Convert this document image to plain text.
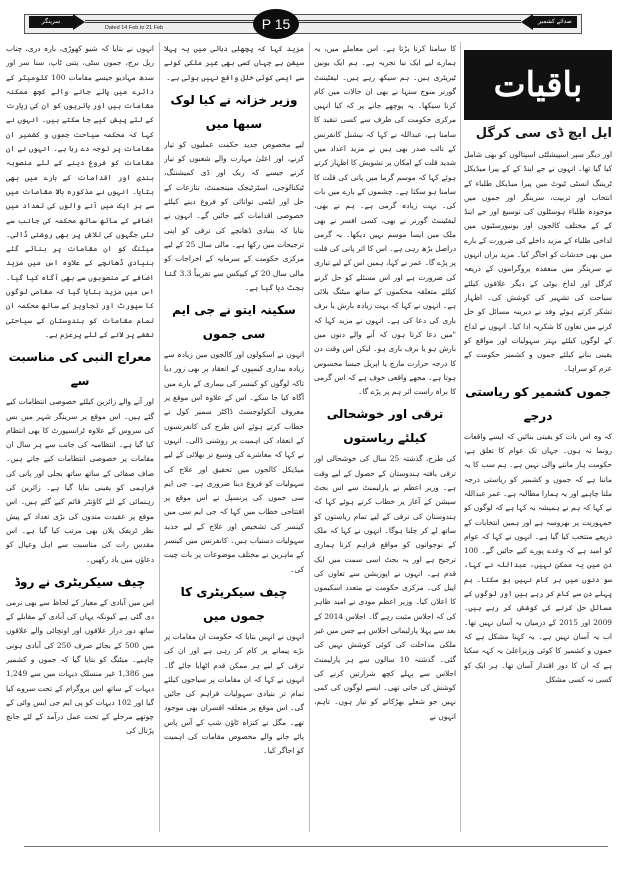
سرینگر	صدائے کشمیر
Dated 14 Feb to 21 Feb	P 15
باقیات
ایل ایچ ڈی سی کرگل

اور دیگر سپر اسپیشلٹی اسپتالوں کو بھی شامل کیا گیا تھا۔ انہوں نے جے اینڈ کے کے پیرا میڈیکل ٹریننگ انسٹی ٹیوٹ میں پیرا میڈیکل طلباء کے انتخاب اور تربیت، سرینگر اور جموں میں موجودہ طلباء ہوسٹلوں کی توسیع اور جے اینڈ کے کے مختلف کالجوں اور یونیورسٹیوں میں لداخی طلباء کے مزید داخلے کی ضرورت کے بارے میں بھی خدشات کو اجاگر کیا۔ مزید براں انہوں نے سرینگر میں منعقدہ پروگراموں کے ذریعہ کرگل اور لداخ یوٹی کے دیگر علاقوں کیلئے سیاحت کی تشہیر کی کوشش کی۔ اظہار تشکر کرتے ہوئے وفد نے دیرینہ مسائل کو حل کرنے میں تعاون کا شکریہ ادا کیا۔ انہوں نے لداخ کے لوگوں کیلئے بہتر سہولیات اور مواقع کو یقینی بنانے کیلئے جموں و کشمیر حکومت کے عزم کو سراہا۔

جموں کشمیر کو ریاستی درجے

کہ وہ اس بات کو یقینی بنائیں کہ ایسے واقعات رونما نہ ہوں۔ جہاں تک عوام کا تعلق ہے، حکومت ہار ماننے والی نہیں ہے۔ ہم سب کا یہ ماننا ہے کہ جموں و کشمیر کو ریاستی درجہ ملنا چاہیے اور یہ ہمارا مطالبہ ہے۔ عمر عبداللہ نے کہا کہ ہم نے ہمیشہ یہ کہا ہے کہ لوگوں کو جمہوریت پر بھروسہ ہے اور ہمیں انتخابات کے ذریعے منتخب کیا گیا ہے۔ انہوں نے کہا کہ عوام کو امید ہے کہ وعدے پورے کیے جائیں گے۔ 100 دن میں یہ ممکن نہیں، عبداللہ نے کہا، سو دنوں میں ہر کام نہیں ہو سکتا۔ ہم پہلے دن سے کام کر رہے ہیں اور لوگوں کے مسائل حل کرنے کی کوشش کر رہے ہیں۔ 2009 اور 2015 کے درمیان یہ آسان نہیں تھا۔ اب یہ آسان نہیں ہے۔ یہ کہنا مشکل ہے کہ جموں و کشمیر کا کوئی وزیراعلیٰ یہ کہہ سکتا ہے کہ ان کا دور اقتدار آسان تھا۔ ہر ایک کو کسی نہ کسی مشکل

کا سامنا کرنا پڑتا ہے۔ اس معاملے میں، یہ ہمارے لیے ایک نیا تجربہ ہے۔ ہم ایک یونین ٹیریٹری ہیں۔ ہم سیکھ رہے ہیں۔ لیفٹیننٹ گورنر منوج سنہا نے بھی ان حالات میں کام کرنا سیکھا۔ یہ پوچھے جانے پر کہ کیا انہیں مرکزی حکومت کی طرف سے کسی تنقید کا سامنا ہے، عبداللہ نے کہا کہ نیشنل کانفرنس کے نائب صدر بھی ہیں نے مزید اعداد میں شدید قلت کے امکان پر تشویش کا اظہار کرتے ہوئے کہا کہ موسم گرما میں پانی کی قلت کا سامنا ہو سکتا ہے۔ چشموں کے بارے میں بات کی۔ بہت زیادہ گرمی ہے۔ ہم نے بھی، لیفٹیننٹ گورنر نے بھی، کسی افسر نے بھی ملک میں ایسا موسم نہیں دیکھا۔ یہ گرمی دراصل بڑھ رہی ہے۔ اس کا اثر پانی کی قلت پر پڑے گا۔ عمر نے کہا، ہمیں اس کے لیے تیاری کی ضرورت ہے اور اس مسئلے کو حل کرنے کیلئے متعلقہ محکموں کے ساتھ میٹنگ بلائی ہے۔ انہوں نے کہا کہ بہت زیادہ بارش یا برف باری کی دعا کی ہے۔ انہوں نے مزید کہا کہ "میں دعا کرتا ہوں کہ آنے والے دنوں میں بارش ہو یا برف باری ہو۔ لیکن اس وقت دن کا درجہ حرارت مارچ یا اپریل جیسا محسوس ہوتا ہے۔ مجھے واقعی خوف ہے کہ اس گرمی کا براہ راست اثر ہم پر پڑے گا۔

ترقی اور خوشحالی کیلئے ریاستوں

کی طرح، گذشتہ 25 سال کی خوشحالی اور ترقی یافتہ ہندوستان کے حصول کے لیے وقت ہے۔ وزیر اعظم نے پارلیمنٹ سے اس بجٹ سیشن کے آغاز پر خطاب کرتے ہوئے کہا کہ ہندوستان کی ترقی کے لیے تمام ریاستوں کو ساتھ لے کر چلنا ہوگا۔ انہوں نے کہا کہ ملک کے نوجوانوں کو مواقع فراہم کرنا ہماری ترجیح ہے اور یہ بجٹ اسی سمت میں ایک قدم ہے۔ انہوں نے اپوزیشن سے تعاون کی اپیل کی۔ مرکزی حکومت نے متعدد اسکیموں کا اعلان کیا۔ وزیر اعظم مودی نے امید ظاہر کی کہ اجلاس مثبت رہے گا۔ اجلاس 2014 کے بعد سے پہلا پارلیمانی اجلاس ہے جس میں غیر ملکی مداخلت کی کوئی کوشش نہیں کی گئی۔ گذشتہ 10 سالوں سے ہر پارلیمنٹ اجلاس سے پہلے کچھ شرارتیں کرنے کی کوشش کی جاتی تھی۔ ایسے لوگوں کی کمی نہیں جو شعلے بھڑکانے کو تیار ہوں۔ تاہم، انہوں نے

مزید کہا کہ پچھلی دہائی میں یہ پہلا سیشن ہے جہاں کسی بھی غیر ملکی کونے سے ایسی کوئی خلل واقع نہیں ہوئی ہے۔

وزیر خزانہ نے کیا لوک سبھا میں

لیے مخصوص جدید حکمت عملیوں کو تیار کرنے، اور اعلیٰ مہارت والے شعبوں کو تیار کرنے جیسے کہ ربک اور ڈی کمیشننگ، ٹیکنالوجی، اسٹرٹیجک مینجمنٹ، تنازعات کے حل اور ایٹمی توانائی کو فروغ دینے کیلئے خصوصی اقدامات کیے جائیں گے۔ انہوں نے بتایا کہ بنیادی ڈھانچے کی ترقی کو اپنی ترجیحات میں رکھا ہے۔ مالی سال 25 کے لیے مرکزی حکومت کے سرمایہ کے اخراجات کو مالی سال 20 کے کیپکس سے تقریباً 3.3 گنا بجٹ دیا گیا ہے۔

سکینہ ایتو نے جی ایم سی جموں

انہوں نے اسکولوں اور کالجوں میں زیادہ سے زیادہ بیداری کیمپوں کے انعقاد پر بھی زور دیا تاکہ لوگوں کو کینسر کی بیماری کے بارے میں آگاہ کیا جا سکے۔ اس کے علاوہ اس موقع پر معروف آنکولوجسٹ ڈاکٹر سمیر کول نے خطاب کرتے ہوئے اس طرح کی کانفرنسوں کے انعقاد کی اہمیت پر روشنی ڈالی۔ انہوں نے کہا کہ معاشرے کی وسیع تر بھلائی کے لیے میڈیکل کالجوں میں تحقیق اور علاج کی سہولیات کو فروغ دینا ضروری ہے۔ جی ایم سی جموں کی پرنسپل نے اس موقع پر افتتاحی خطاب میں کہا کہ جی ایم سی میں کینسر کی تشخیص اور علاج کے لیے جدید سہولیات دستیاب ہیں۔ کانفرنس میں کینسر کے ماہرین نے مختلف موضوعات پر بات چیت کی۔

چیف سیکریٹری کا جموں میں

انہوں نے انہیں بتایا کہ حکومت ان مقامات پر بڑے پیمانے پر کام کر رہی ہے اور ان کی ترقی کے لیے ہر ممکن قدم اٹھایا جائے گا۔ انہوں نے کہا کہ ان مقامات پر سیاحوں کیلئے تمام تر بنیادی سہولیات فراہم کی جائیں گی۔ اس موقع پر متعلقہ افسران بھی موجود تھے۔ مگل نے کنزاہ ٹاؤن شپ کے آس پاس پائے جانے والے مخصوص مقامات کی اہمیت کو اجاگر کیا۔

انہوں نے بتایا کہ شیو کھوڑی، بارہ دری، چناب ریل برج، جموں سٹی، پتنی ٹاپ، سنا سر اور سدھ مہادیو جیسے مقامات 100 کلومیٹر کے دائرے میں پائے جانے والے کچھ ممکنہ مقامات ہیں اور یاتریوں کو ان کی زیارت کے لئے پیش کیے جا سکتے ہیں۔ انہوں نے کہا کہ محکمہ سیاحت جموں و کشمیر ان مقامات پر توجہ دے رہا ہے۔ انہوں نے ان مقامات کو فروغ دینے کے لئے منصوبہ بندی اور اقدامات کے بارے میں بھی بتایا۔ انہوں نے مذکورہ بالا مقامات میں سے ہر ایک میں آنے والوں کی تعداد میں اضافے کے ساتھ ساتھ محکمہ کی جانب سے نئی جگہوں کی تلاش پر بھی روشنی ڈالی۔ میٹنگ کو ان مقامات پر بنائے گئے بنیادی ڈھانچے کے علاوہ اس میں مزید اضافے کے منصوبوں سے بھی آگاہ کیا گیا۔ اس میں مزید بتایا گیا کہ مقامی لوگوں کا سپورٹ اور تجاویز کے ساتھ محکمہ ان تمام مقامات کو ہندوستان کے سیاحتی نقشے پر لانے کے لئے پرعزم ہے۔

معراج النبی کی مناسبت سے

اور آنے والے زائرین کیلئے خصوصی انتظامات کیے گئے ہیں۔ اس موقع پر سرینگر شہر میں بس کی سروس کے علاوہ ٹرانسپورٹ کا بھی انتظام کیا گیا ہے۔ انتظامیہ کی جانب سے ہر سال ان مقامات پر خصوصی انتظامات کیے جاتے ہیں۔ صاف صفائی کے ساتھ ساتھ بجلی اور پانی کی فراہمی کو یقینی بنایا گیا ہے۔ زائرین کی رہنمائی کے لئے کاؤنٹر قائم کیے گئے ہیں۔ اس موقع پر عقیدت مندوں کی بڑی تعداد کے پیش نظر ٹریفک پلان بھی مرتب کیا گیا ہے۔ اس مقدس رات کی مناسبت سے اہل وعیال کو دعاؤں میں یاد رکھیں۔

چیف سیکریٹری نے روڈ

اس میں آبادی کے معیار کے لحاظ سے بھی نرمی دی گئی ہے کیونکہ یہاں کی آبادی کے مقابلے کے ساتھ دور دراز علاقوں اور اونچائی والے علاقوں میں 500 کے بجائے صرف 250 کی آبادی ہونی چاہیے۔ میٹنگ کو بتایا گیا کہ جموں و کشمیر میں 1,386 غیر منسلک دیہات میں سے 1,249 دیہات کے ساتھ اس پروگرام کے تحت سروے کیا گیا اور 102 دیہات کو پی ایم جی ایس وائی کے چوتھے مرحلے کے تحت عمل درآمد کے لئے جانچ پڑتال کی
